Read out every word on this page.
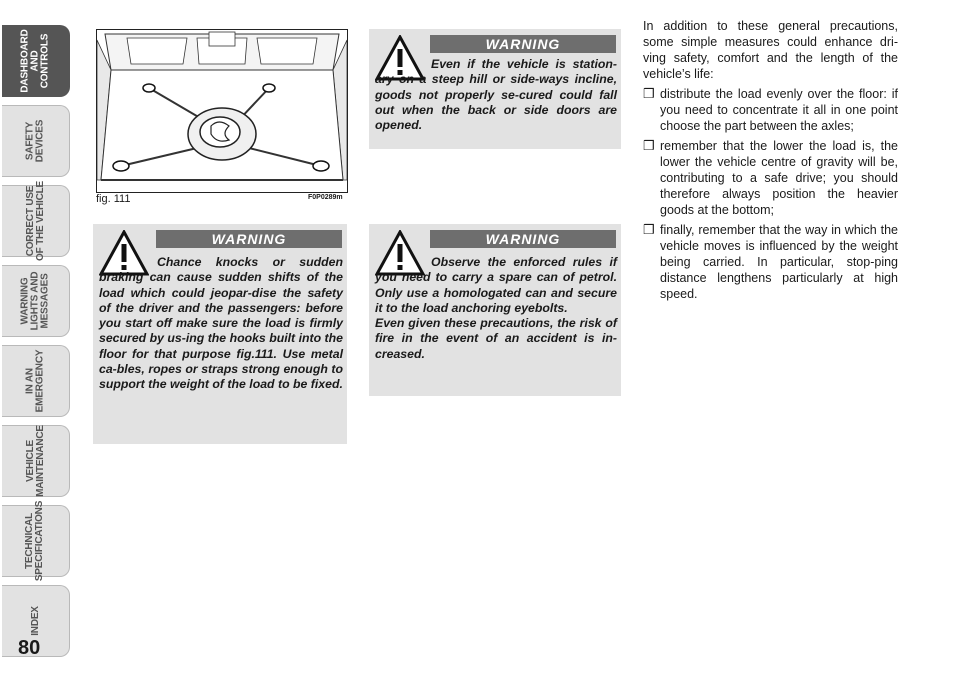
DASHBOARD
AND
CONTROLS
SAFETY
DEVICES
CORRECT USE
OF THE VEHICLE
WARNING
LIGHTS AND
MESSAGES
IN AN
EMERGENCY
VEHICLE
MAINTENANCE
TECHNICAL
SPECIFICATIONS
INDEX
80
fig. 111	F0P0289m
WARNING

Even if the vehicle is station-ary on a steep hill or side-ways incline, goods not properly se-cured could fall out when the back or side doors are opened.

WARNING

Chance knocks or sudden braking can cause sudden shifts of the load which could jeopar-dise the safety of the driver and the passengers: before you start off make sure the load is firmly secured by us-ing the hooks built into the floor for that purpose fig.111. Use metal ca-bles, ropes or straps strong enough to support the weight of the load to be fixed.

WARNING

Observe the enforced rules if you need to carry a spare can of petrol. Only use a homologated can and secure it to the load anchoring eyebolts.

Even given these precautions, the risk of fire in the event of an accident is in-creased.

In addition to these general precautions, some simple measures could enhance dri-ving safety, comfort and the length of the vehicle’s life:

❒ distribute the load evenly over the floor: if you need to concentrate it all in one point choose the part between the axles;
❒ remember that the lower the load is, the lower the vehicle centre of gravity will be, contributing to a safe drive; you should therefore always position the heavier goods at the bottom;
❒ finally, remember that the way in which the vehicle moves is influenced by the weight being carried. In particular, stop-ping distance lengthens particularly at high speed.
